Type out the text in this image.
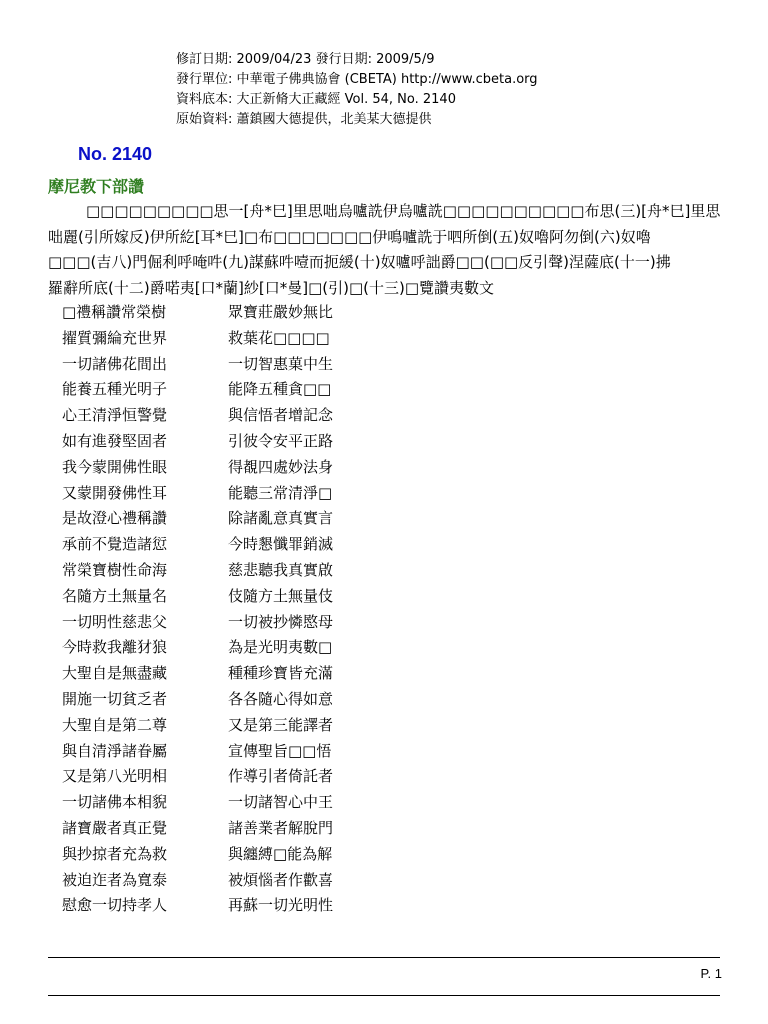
修訂日期: 2009/04/23 發行日期: 2009/5/9
發行單位: 中華電子佛典協會 (CBETA) http://www.cbeta.org
資料底本: 大正新脩大正藏經 Vol. 54, No. 2140
原始資料: 蕭鎮國大德提供，北美某大德提供
No. 2140
摩尼教下部讚
□□□□□□□□□思一[舟*巳]里思咄烏嚧詵伊烏嚧詵□□□□□□□□□□布思(三)[舟*巳]里思
咄麗(引所嫁反)伊所紇[耳*巳]□布□□□□□□□伊鳴嚧詵于呬所倒(五)奴嚕阿勿倒(六)奴嚕
□□□(吉八)門倔利呼唵吽(九)謀蘇吽噎而扼緩(十)奴嚧呼詘爵□□(□□反引聲)涅薩底(十一)拂
羅辭所底(十二)爵喏夷[口*蘭]紗[口*曼]□(引)□(十三)□覽讚夷數文
□禮稱讚常榮樹	眾寶莊嚴妙無比
擢質彌綸充世界	救葉花□□□□
一切諸佛花間出	一切智惠菓中生
能養五種光明子	能降五種貪□□
心王清淨恒警覺	與信悟者增記念
如有進發堅固者	引彼令安平正路
我今蒙開佛性眼	得覩四處妙法身
又蒙開發佛性耳	能聽三常清淨□
是故澄心禮稱讚	除諸亂意真實言
承前不覺造諸愆	今時懇懺罪銷滅
常榮寶樹性命海	慈悲聽我真實啟
名隨方土無量名	伎隨方土無量伎
一切明性慈悲父	一切被抄憐愍母
今時救我離犲狼	為是光明夷數□
大聖自是無盡藏	種種珍寶皆充滿
開施一切貧乏者	各各隨心得如意
大聖自是第二尊	又是第三能譯者
與自清淨諸眷屬	宣傳聖旨□□悟
又是第八光明相	作導引者倚託者
一切諸佛本相貎	一切諸智心中王
諸寶嚴者真正覺	諸善業者解脫門
與抄掠者充為救	與纏縛□能為解
被迫迮者為寬泰	被煩惱者作歡喜
慰愈一切持孝人	再蘇一切光明性
P. 1
